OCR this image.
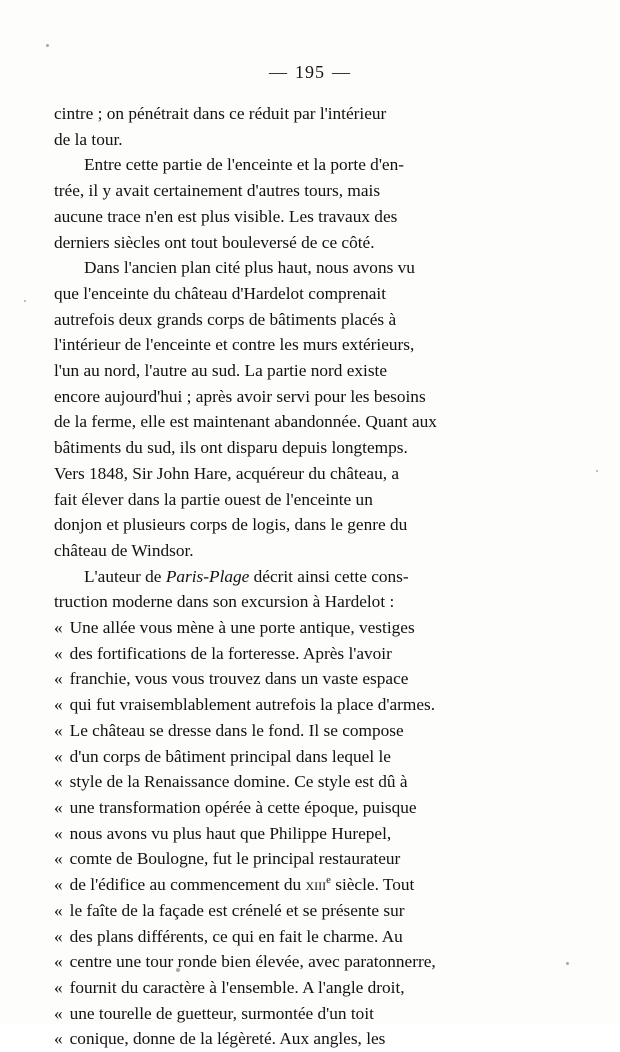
— 195 —

cintre ; on pénétrait dans ce réduit par l'intérieur
de la tour.

Entre cette partie de l'enceinte et la porte d'en-
trée, il y avait certainement d'autres tours, mais
aucune trace n'en est plus visible. Les travaux des
derniers siècles ont tout bouleversé de ce côté.

Dans l'ancien plan cité plus haut, nous avons vu
que l'enceinte du château d'Hardelot comprenait
autrefois deux grands corps de bâtiments placés à
l'intérieur de l'enceinte et contre les murs extérieurs,
l'un au nord, l'autre au sud. La partie nord existe
encore aujourd'hui ; après avoir servi pour les besoins
de la ferme, elle est maintenant abandonnée. Quant aux
bâtiments du sud, ils ont disparu depuis longtemps.
Vers 1848, Sir John Hare, acquéreur du château, a
fait élever dans la partie ouest de l'enceinte un
donjon et plusieurs corps de logis, dans le genre du
château de Windsor.

L'auteur de Paris-Plage décrit ainsi cette cons-
truction moderne dans son excursion à Hardelot :

« Une allée vous mène à une porte antique, vestiges
« des fortifications de la forteresse. Après l'avoir
« franchie, vous vous trouvez dans un vaste espace
« qui fut vraisemblablement autrefois la place d'armes.
« Le château se dresse dans le fond. Il se compose
« d'un corps de bâtiment principal dans lequel le
« style de la Renaissance domine. Ce style est dû à
« une transformation opérée à cette époque, puisque
« nous avons vu plus haut que Philippe Hurepel,
« comte de Boulogne, fut le principal restaurateur
« de l'édifice au commencement du xiii$^e$ siècle. Tout
« le faîte de la façade est crénelé et se présente sur
« des plans différents, ce qui en fait le charme. Au
« centre une tour ronde bien élevée, avec paratonnerre,
« fournit du caractère à l'ensemble. A l'angle droit,
« une tourelle de guetteur, surmontée d'un toit
« conique, donne de la légèreté. Aux angles, les
